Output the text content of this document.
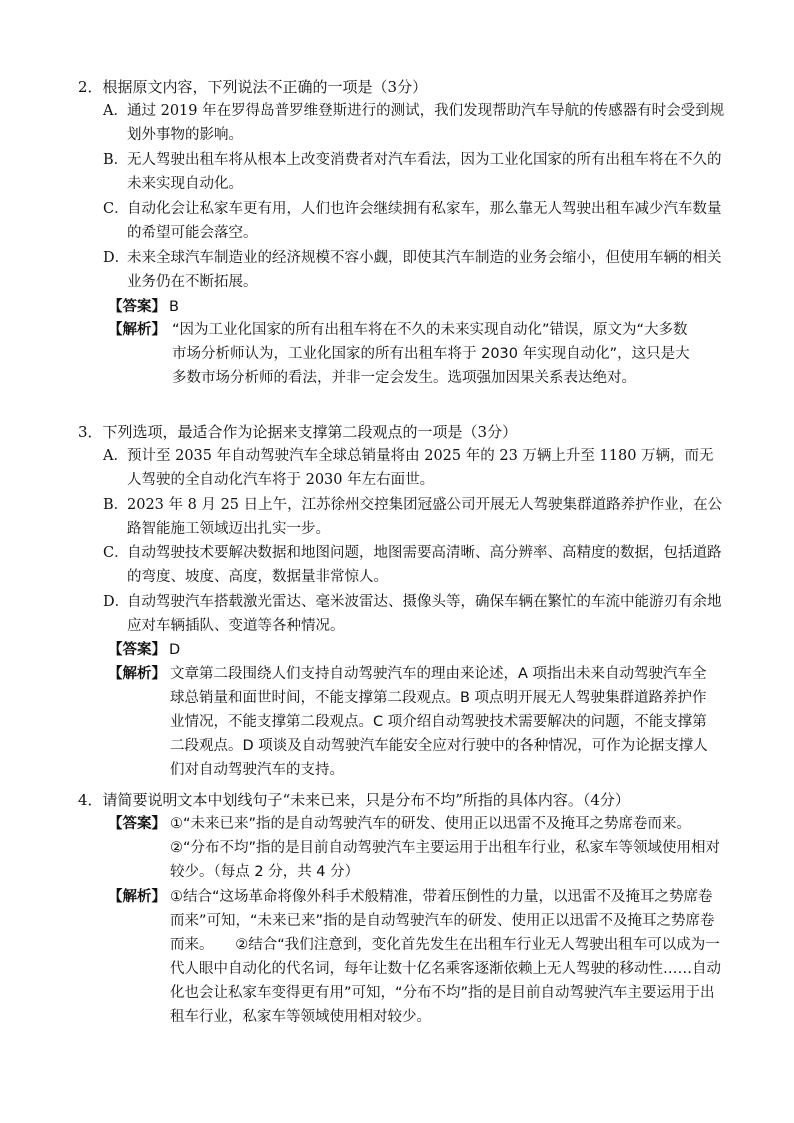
2．根据原文内容，下列说法不正确的一项是（3分）
A． 通过 2019 年在罗得岛普罗维登斯进行的测试，我们发现帮助汽车导航的传感器有时会受到规划外事物的影响。
B．
无人驾驶出租车将从根本上改变消费者对汽车看法，因为工业化国家的所有出租车将在不久的未来实现自动化。
C．
自动化会让私家车更有用，人们也许会继续拥有私家车，那么靠无人驾驶出租车减少汽车数量的希望可能会落空。
D．
未来全球汽车制造业的经济规模不容小觑，即使其汽车制造的业务会缩小，但使用车辆的相关业务仍在不断拓展。
【答案】 B
【解析】 “因为工业化国家的所有出租车将在不久的未来实现自动化”错误，原文为“大多数市场分析师认为，工业化国家的所有出租车将于 2030 年实现自动化”，这只是大多数市场分析师的看法，并非一定会发生。选项强加因果关系表达绝对。
3．下列选项，最适合作为论据来支撑第二段观点的一项是（3分）
A． 预计至 2035 年自动驾驶汽车全球总销量将由 2025 年的 23 万辆上升至 1180 万辆，而无人驾驶的全自动化汽车将于 2030 年左右面世。
B．
2023 年 8 月 25 日上午，江苏徐州交控集团冠盛公司开展无人驾驶集群道路养护作业，在公路智能施工领域迈出扎实一步。
C．
自动驾驶技术要解决数据和地图问题，地图需要高清晰、高分辨率、高精度的数据，包括道路的弯度、坡度、高度，数据量非常惊人。
D．
自动驾驶汽车搭载激光雷达、毫米波雷达、摄像头等，确保车辆在繁忙的车流中能游刃有余地应对车辆插队、变道等各种情况。
【答案】 D
【解析】 文章第二段围绕人们支持自动驾驶汽车的理由来论述，A 项指出未来自动驾驶汽车全球总销量和面世时间，不能支撑第二段观点。B 项点明开展无人驾驶集群道路养护作业情况，不能支撑第二段观点。C 项介绍自动驾驶技术需要解决的问题，不能支撑第二段观点。D 项谈及自动驾驶汽车能安全应对行驶中的各种情况，可作为论据支撑人们对自动驾驶汽车的支持。
4．请简要说明文本中划线句子“未来已来，只是分布不均”所指的具体内容。（4分）
【答案】 ①“未来已来”指的是自动驾驶汽车的研发、使用正以迅雷不及掩耳之势席卷而来。　　②“分布不均”指的是目前自动驾驶汽车主要运用于出租车行业，私家车等领域使用相对较少。（每点 2 分，共 4 分）
【解析】 ①结合“这场革命将像外科手术般精准，带着压倒性的力量，以迅雷不及掩耳之势席卷而来”可知，“未来已来”指的是自动驾驶汽车的研发、使用正以迅雷不及掩耳之势席卷而来。　　②结合“我们注意到，变化首先发生在出租车行业无人驾驶出租车可以成为一代人眼中自动化的代名词，每年让数十亿名乘客逐渐依赖上无人驾驶的移动性……自动化也会让私家车变得更有用”可知，“分布不均”指的是目前自动驾驶汽车主要运用于出租车行业，私家车等领域使用相对较少。
